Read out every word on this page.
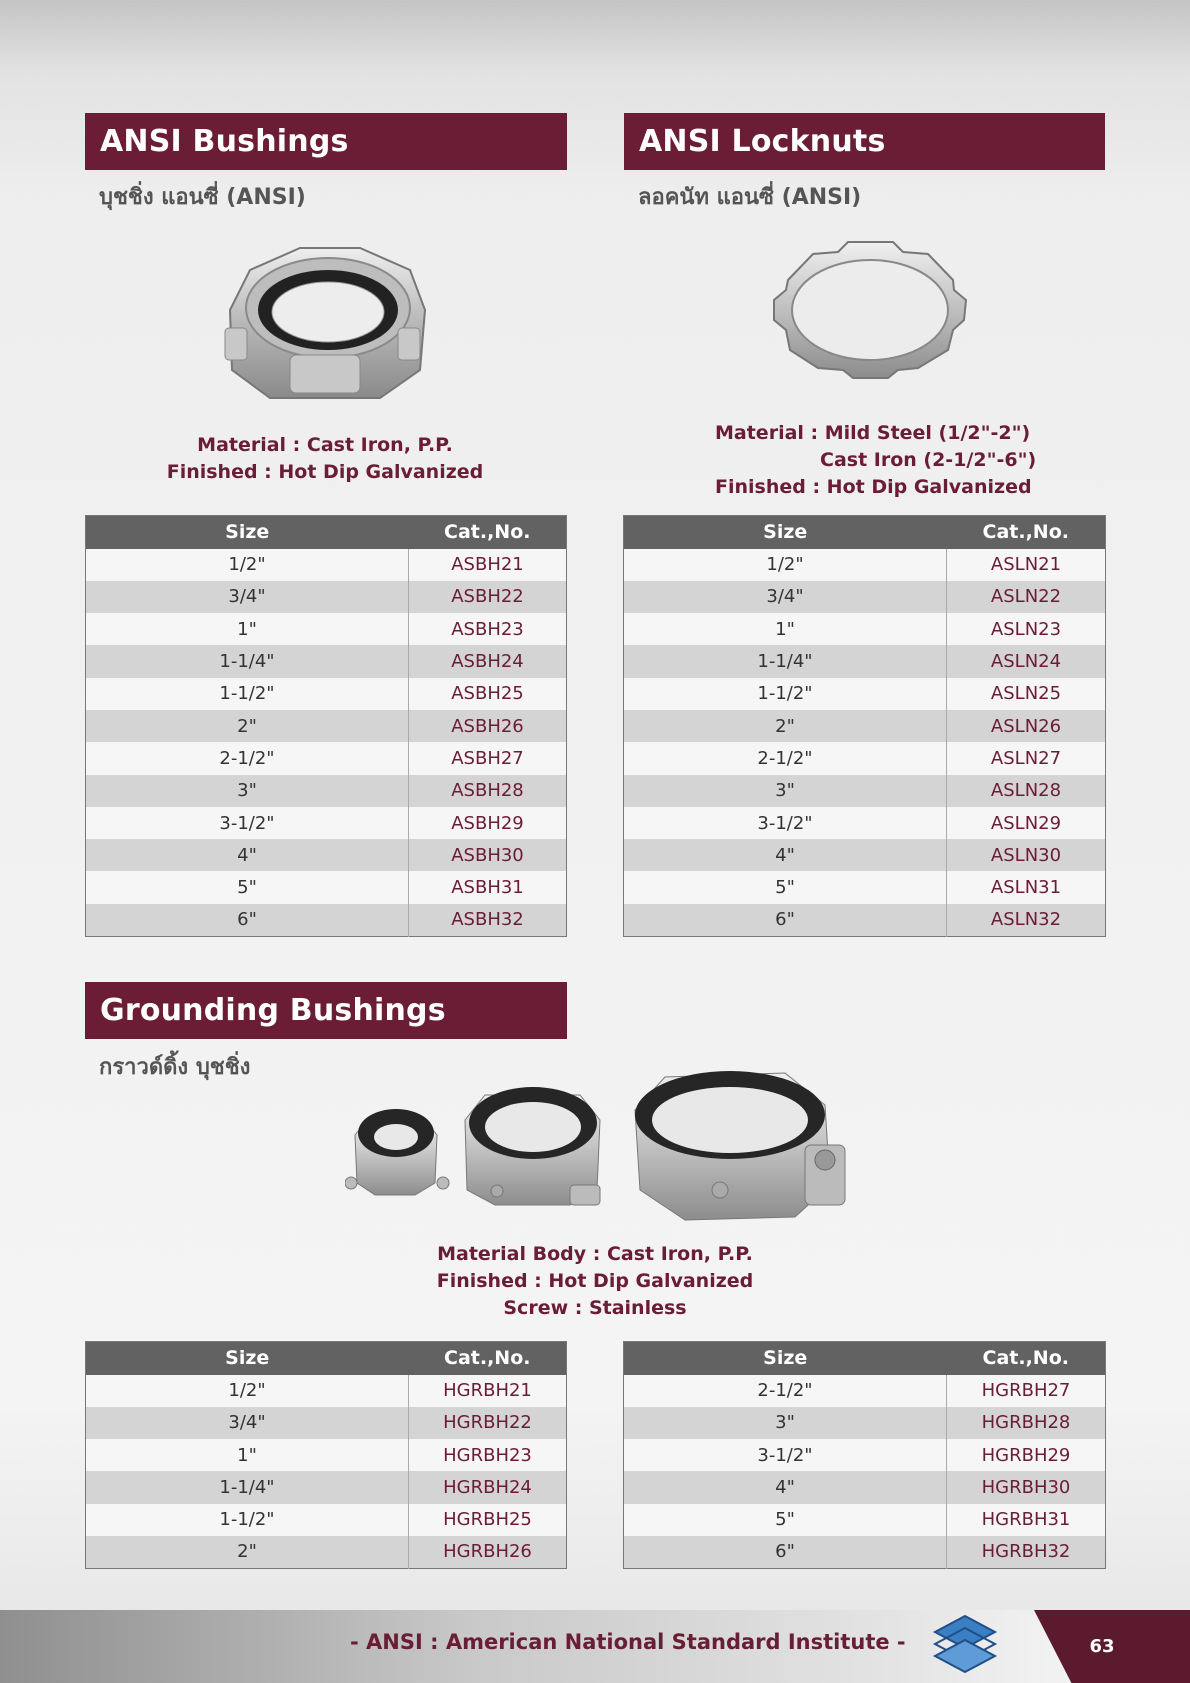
ANSI Bushings
บุชชิ่ง แอนซี่ (ANSI)
Material : Cast Iron, P.P.
Finished : Hot Dip Galvanized
Size	Cat.,No.
1/2"	ASBH21
3/4"	ASBH22
1"	ASBH23
1-1/4"	ASBH24
1-1/2"	ASBH25
2"	ASBH26
2-1/2"	ASBH27
3"	ASBH28
3-1/2"	ASBH29
4"	ASBH30
5"	ASBH31
6"	ASBH32
ANSI Locknuts
ลอคนัท แอนซี่ (ANSI)
Material : Mild Steel (1/2"-2")
Cast Iron (2-1/2"-6")
Finished : Hot Dip Galvanized
Size	Cat.,No.
1/2"	ASLN21
3/4"	ASLN22
1"	ASLN23
1-1/4"	ASLN24
1-1/2"	ASLN25
2"	ASLN26
2-1/2"	ASLN27
3"	ASLN28
3-1/2"	ASLN29
4"	ASLN30
5"	ASLN31
6"	ASLN32
Grounding Bushings
กราวด์ดิ้ง บุชชิ่ง
Material Body : Cast Iron, P.P.
Finished : Hot Dip Galvanized
Screw : Stainless
Size	Cat.,No.
1/2"	HGRBH21
3/4"	HGRBH22
1"	HGRBH23
1-1/4"	HGRBH24
1-1/2"	HGRBH25
2"	HGRBH26
Size	Cat.,No.
2-1/2"	HGRBH27
3"	HGRBH28
3-1/2"	HGRBH29
4"	HGRBH30
5"	HGRBH31
6"	HGRBH32
- ANSI : American National Standard Institute -	63
